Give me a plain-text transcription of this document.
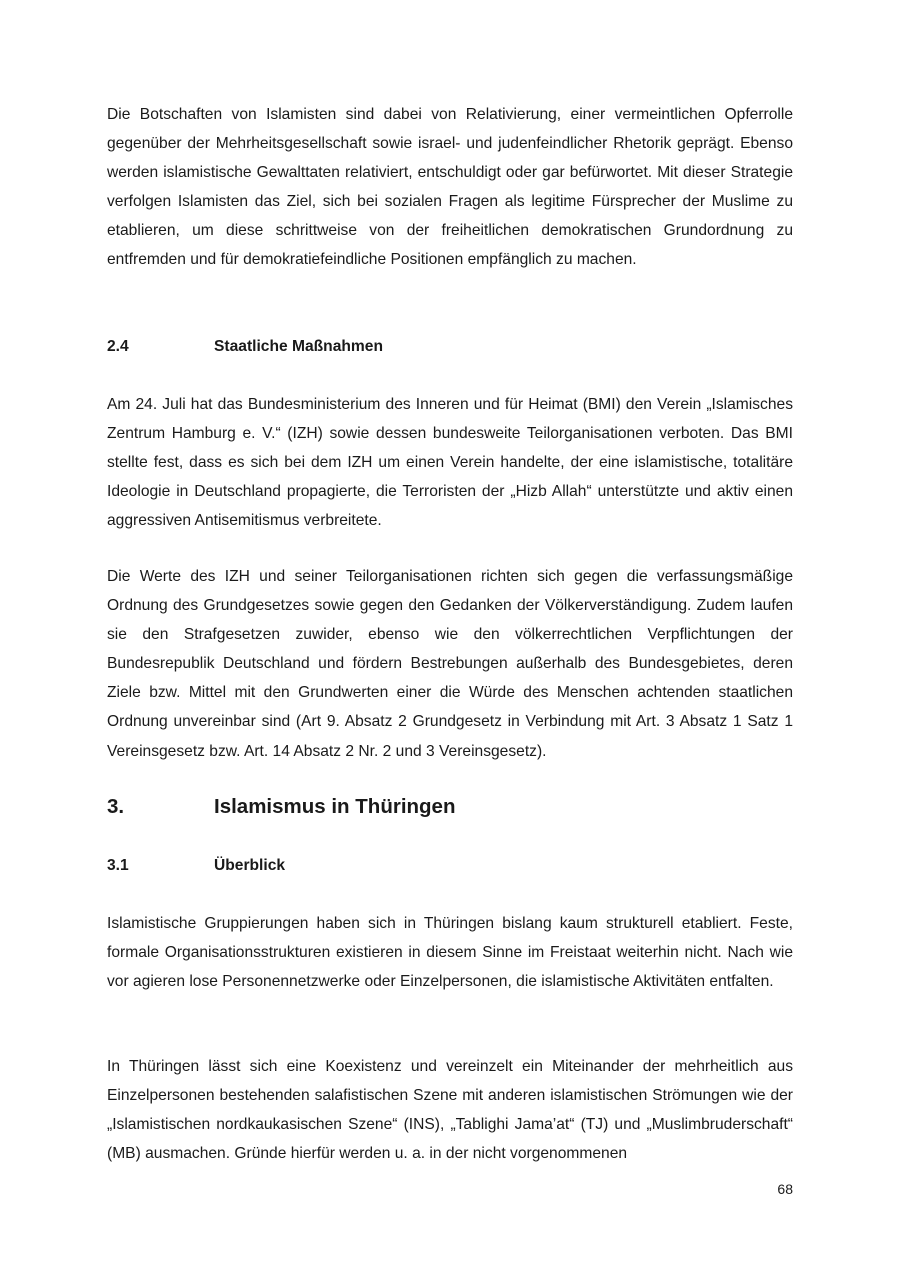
Die Botschaften von Islamisten sind dabei von Relativierung, einer vermeintlichen Opferrolle gegenüber der Mehrheitsgesellschaft sowie israel- und judenfeindlicher Rhetorik geprägt. Ebenso werden islamistische Gewalttaten relativiert, entschuldigt oder gar befürwortet. Mit dieser Strategie verfolgen Islamisten das Ziel, sich bei sozialen Fragen als legitime Fürsprecher der Muslime zu etablieren, um diese schrittweise von der freiheitlichen demokratischen Grundordnung zu entfremden und für demokratiefeindliche Positionen empfänglich zu machen.

2.4	Staatliche Maßnahmen

Am 24. Juli hat das Bundesministerium des Inneren und für Heimat (BMI) den Verein „Islamisches Zentrum Hamburg e. V.“ (IZH) sowie dessen bundesweite Teilorganisationen verboten. Das BMI stellte fest, dass es sich bei dem IZH um einen Verein handelte, der eine islamistische, totalitäre Ideologie in Deutschland propagierte, die Terroristen der „Hizb Allah“ unterstützte und aktiv einen aggressiven Antisemitismus verbreitete.

Die Werte des IZH und seiner Teilorganisationen richten sich gegen die verfassungsmäßige Ordnung des Grundgesetzes sowie gegen den Gedanken der Völkerverständigung. Zudem laufen sie den Strafgesetzen zuwider, ebenso wie den völkerrechtlichen Verpflichtungen der Bundesrepublik Deutschland und fördern Bestrebungen außerhalb des Bundesgebietes, deren Ziele bzw. Mittel mit den Grundwerten einer die Würde des Menschen achtenden staatlichen Ordnung unvereinbar sind (Art 9. Absatz 2 Grundgesetz in Verbindung mit Art. 3 Absatz 1 Satz 1 Vereinsgesetz bzw. Art. 14 Absatz 2 Nr. 2 und 3 Vereinsgesetz).

3.	Islamismus in Thüringen
3.1	Überblick

Islamistische Gruppierungen haben sich in Thüringen bislang kaum strukturell etabliert. Feste, formale Organisationsstrukturen existieren in diesem Sinne im Freistaat weiterhin nicht. Nach wie vor agieren lose Personennetzwerke oder Einzelpersonen, die islamistische Aktivitäten entfalten.

In Thüringen lässt sich eine Koexistenz und vereinzelt ein Miteinander der mehrheitlich aus Einzelpersonen bestehenden salafistischen Szene mit anderen islamistischen Strömungen wie der „Islamistischen nordkaukasischen Szene“ (INS), „Tablighi Jama’at“ (TJ) und „Muslimbruderschaft“ (MB) ausmachen. Gründe hierfür werden u. a. in der nicht vorgenommenen

68
